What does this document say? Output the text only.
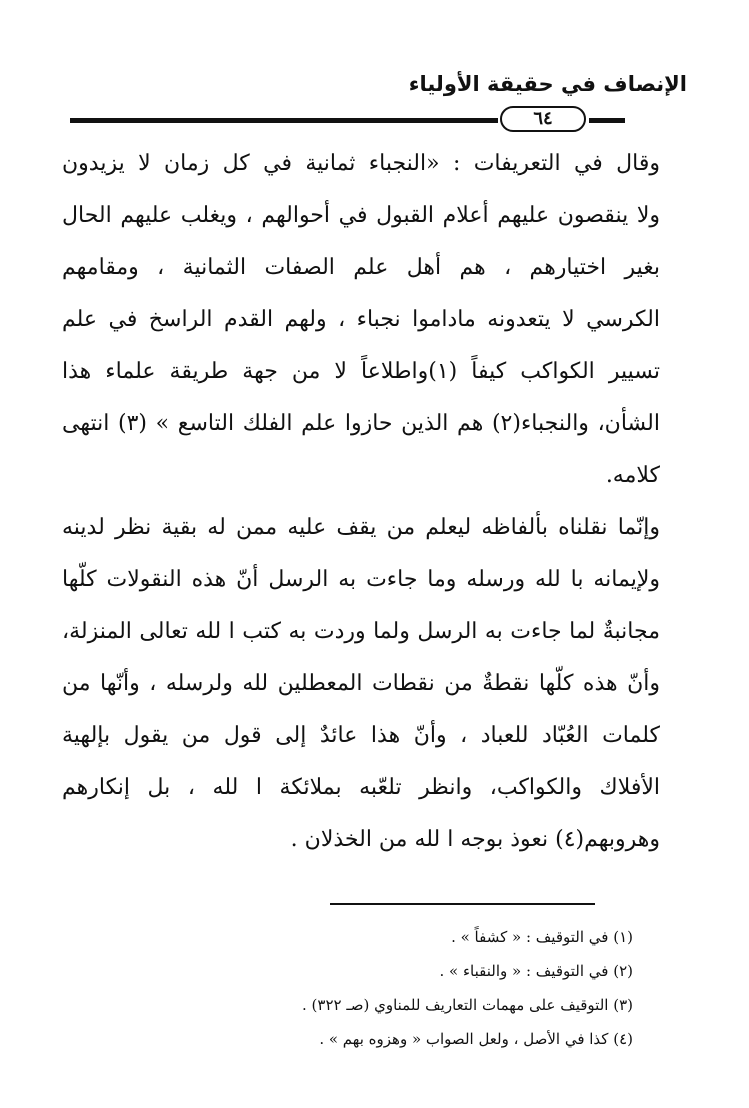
الإنصاف في حقيقة الأولياء
٦٤
وقال في التعريفات : «النجباء ثمانية في كل زمان لا يزيدون
ولا ينقصون عليهم أعلام القبول في أحوالهم ، ويغلب عليهم الحال
بغير اختيارهم ، هم أهل علم الصفات الثمانية ، ومقامهم
الكرسي لا يتعدونه ماداموا نجباء ، ولهم القدم الراسخ في علم
تسيير الكواكب كيفاً (١)واطلاعاً لا من جهة طريقة علماء هذا
الشأن، والنجباء(٢) هم الذين حازوا علم الفلك التاسع » (٣) انتهى
كلامه.
وإنّما نقلناه بألفاظه ليعلم من يقف عليه ممن له بقية نظر لدينه
ولإيمانه با لله ورسله وما جاءت به الرسل أنّ هذه النقولات كلّها
مجانبةٌ لما جاءت به الرسل ولما وردت به كتب ا لله تعالى المنزلة،
وأنّ هذه كلّها نقطةٌ من نقطات المعطلين لله ولرسله ، وأنّها من
كلمات العُبّاد للعباد ، وأنّ هذا عائدٌ إلى قول من يقول بإلهية
الأفلاك والكواكب، وانظر تلعّبه بملائكة ا لله ، بل إنكارهم
وهروبهم(٤) نعوذ بوجه ا لله من الخذلان .
(١) في التوقيف : « كشفاً » .
(٢) في التوقيف : « والنقباء » .
(٣) التوقيف على مهمات التعاريف للمناوي (صـ ٣٢٢) .
(٤) كذا في الأصل ، ولعل الصواب « وهزوه بهم » .
